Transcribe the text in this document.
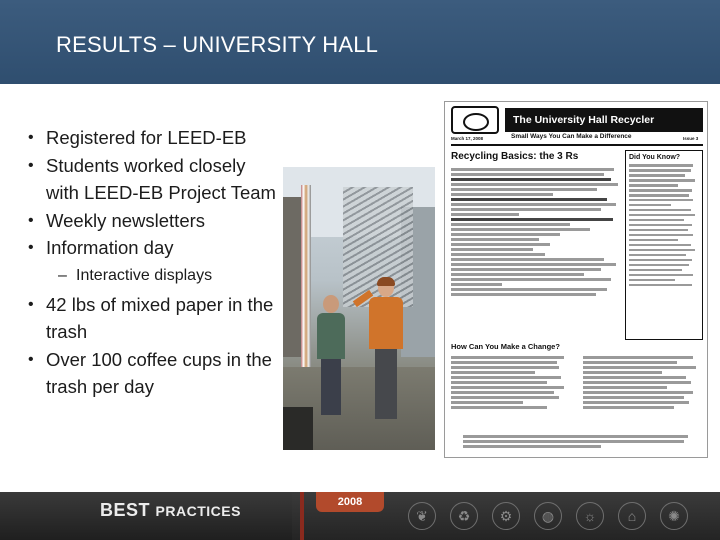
RESULTS – UNIVERSITY HALL
• Registered for LEED-EB
• Students worked closely with LEED-EB Project Team
• Weekly newsletters
• Information day
– Interactive displays
• 42 lbs of mixed paper in the trash
• Over 100 coffee cups in the trash per day
The University Hall Recycler
March 17, 2008	Small Ways You Can Make a Difference	Issue 3
Recycling Basics: the 3 Rs	Did You Know?
How Can You Make a Change?
BEST PRACTICES
2008
❦	♻	⚙	◍	☼	⌂	✺
